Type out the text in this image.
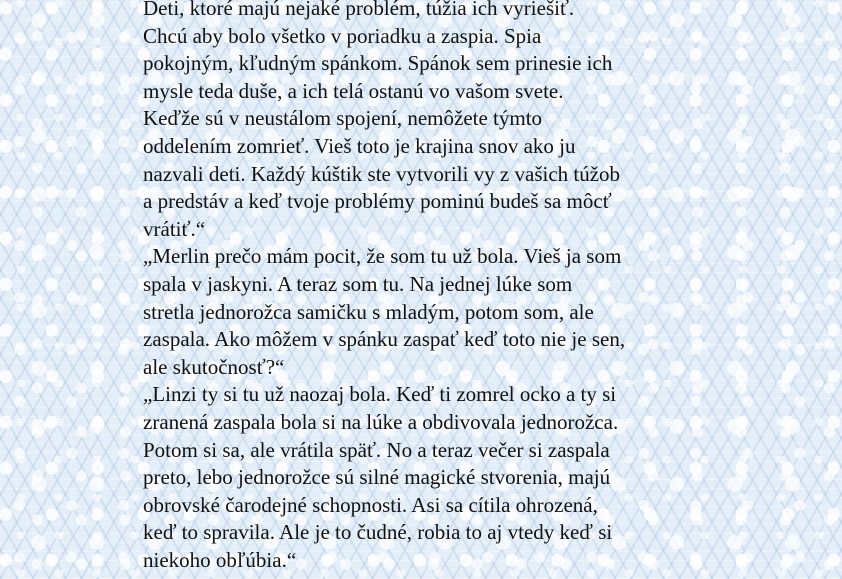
Deti, ktoré majú nejaké problém, túžia ich vyriešiť.
Chcú aby bolo všetko v poriadku a zaspia. Spia
pokojným, kľudným spánkom. Spánok sem prinesie ich
mysle teda duše, a ich telá ostanú vo vašom svete.
Keďže sú v neustálom spojení, nemôžete týmto
oddelením zomrieť. Vieš toto je krajina snov ako ju
nazvali deti. Každý kúštik ste vytvorili vy z vašich túžob
a predstáv a keď tvoje problémy pominú budeš sa môcť
vrátiť.“
„Merlin prečo mám pocit, že som tu už bola. Vieš ja som
spala v jaskyni. A teraz som tu. Na jednej lúke som
stretla jednorožca samičku s mladým, potom som, ale
zaspala. Ako môžem v spánku zaspať keď toto nie je sen,
ale skutočnosť?“
„Linzi ty si tu už naozaj bola. Keď ti zomrel ocko a ty si
zranená zaspala bola si na lúke a obdivovala jednorožca.
Potom si sa, ale vrátila späť. No a teraz večer si zaspala
preto, lebo jednorožce sú silné magické stvorenia, majú
obrovské čarodejné schopnosti. Asi sa cítila ohrozená,
keď to spravila. Ale je to čudné, robia to aj vtedy keď si
niekoho obľúbia.“
